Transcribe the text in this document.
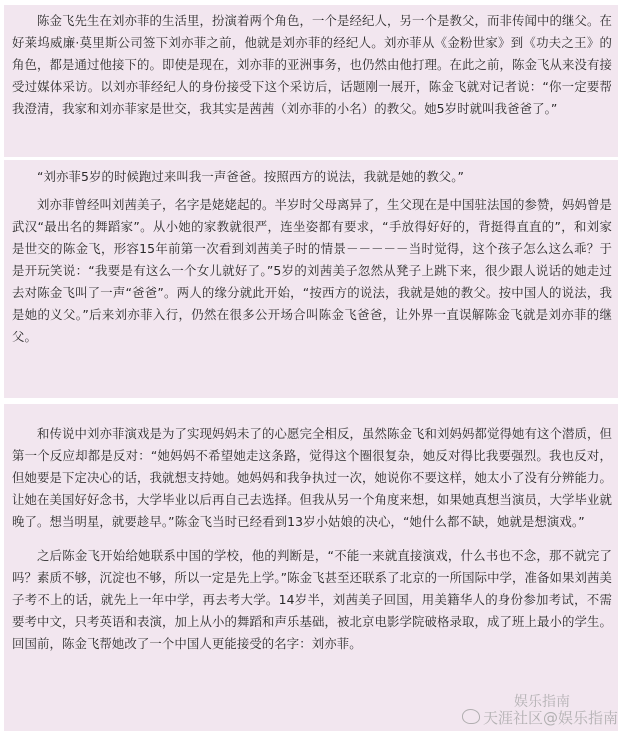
陈金飞先生在刘亦菲的生活里，扮演着两个角色，一个是经纪人，另一个是教父，而非传闻中的继父。在好莱坞威廉·莫里斯公司签下刘亦菲之前，他就是刘亦菲的经纪人。刘亦菲从《金粉世家》到《功夫之王》的角色，都是通过他接下的。即使是现在，刘亦菲的亚洲事务，也仍然由他打理。在此之前，陈金飞从来没有接受过媒体采访。以刘亦菲经纪人的身份接受下这个采访后，话题刚一展开，陈金飞就对记者说：“你一定要帮我澄清，我家和刘亦菲家是世交，我其实是茜茜（刘亦菲的小名）的教父。她5岁时就叫我爸爸了。”

“刘亦菲5岁的时候跑过来叫我一声爸爸。按照西方的说法，我就是她的教父。”

刘亦菲曾经叫刘茜美子，名字是姥姥起的。半岁时父母离异了，生父现在是中国驻法国的参赞，妈妈曾是武汉“最出名的舞蹈家”。从小她的家教就很严，连坐姿都有要求，“手放得好好的，背挺得直直的”，和刘家是世交的陈金飞，形容15年前第一次看到刘茜美子时的情景－－－－－当时觉得，这个孩子怎么这么乖？于是开玩笑说：“我要是有这么一个女儿就好了。”5岁的刘茜美子忽然从凳子上跳下来，很少跟人说话的她走过去对陈金飞叫了一声“爸爸”。两人的缘分就此开始，“按西方的说法，我就是她的教父。按中国人的说法，我是她的义父。”后来刘亦菲入行，仍然在很多公开场合叫陈金飞爸爸，让外界一直误解陈金飞就是刘亦菲的继父。

和传说中刘亦菲演戏是为了实现妈妈未了的心愿完全相反，虽然陈金飞和刘妈妈都觉得她有这个潜质，但第一个反应却都是反对：“她妈妈不希望她走这条路，觉得这个圈很复杂，她反对得比我要强烈。我也反对，但她要是下定决心的话，我就想支持她。她妈妈和我争执过一次，她说你不要这样，她太小了没有分辨能力。让她在美国好好念书，大学毕业以后再自己去选择。但我从另一个角度来想，如果她真想当演员，大学毕业就晚了。想当明星，就要趁早。”陈金飞当时已经看到13岁小姑娘的决心，“她什么都不缺，她就是想演戏。”

之后陈金飞开始给她联系中国的学校，他的判断是，“不能一来就直接演戏，什么书也不念，那不就完了吗？素质不够，沉淀也不够，所以一定是先上学。”陈金飞甚至还联系了北京的一所国际中学，准备如果刘茜美子考不上的话，就先上一年中学，再去考大学。14岁半，刘茜美子回国，用美籍华人的身份参加考试，不需要考中文，只考英语和表演，加上从小的舞蹈和声乐基础，被北京电影学院破格录取，成了班上最小的学生。回国前，陈金飞帮她改了一个中国人更能接受的名字：刘亦菲。

娱乐指南
天涯社区@娱乐指南
